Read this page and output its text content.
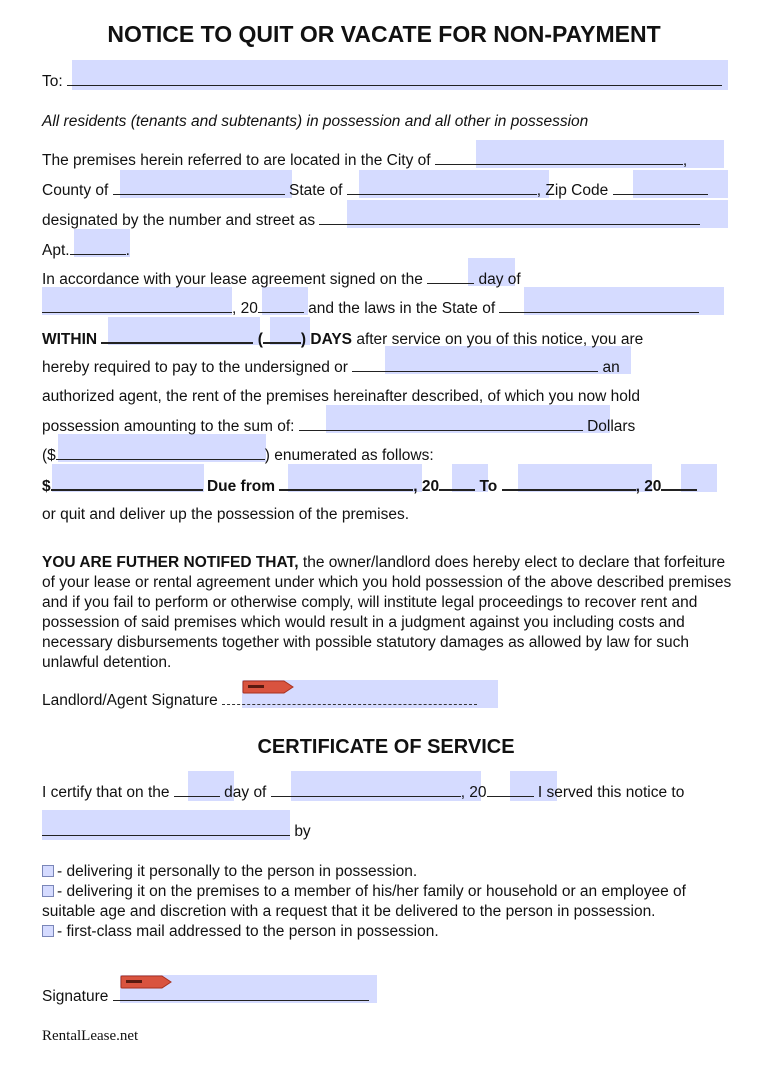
NOTICE TO QUIT OR VACATE FOR NON-PAYMENT
To:
All residents (tenants and subtenants) in possession and all other in possession
The premises herein referred to are located in the City of	,
County of	State of	, Zip Code
designated by the number and street as
Apt.	.
In accordance with your lease agreement signed on the	day of
, 20	and the laws in the State of
WITHIN	( ) DAYS after service on you of this notice, you are
hereby required to pay to the undersigned or	an
authorized agent, the rent of the premises hereinafter described, of which you now hold
possession amounting to the sum of:	Dollars
($	) enumerated as follows:
$	Due from	, 20	To	, 20
or quit and deliver up the possession of the premises.
YOU ARE FUTHER NOTIFED THAT, the owner/landlord does hereby elect to declare that forfeiture of your lease or rental agreement under which you hold possession of the above described premises and if you fail to perform or otherwise comply, will institute legal proceedings to recover rent and possession of said premises which would result in a judgment against you including costs and necessary disbursements together with possible statutory damages as allowed by law for such unlawful detention.
Landlord/Agent Signature
CERTIFICATE OF SERVICE
I certify that on the	day of	, 20	I served this notice to
by
- delivering it personally to the person in possession.
- delivering it on the premises to a member of his/her family or household or an employee of suitable age and discretion with a request that it be delivered to the person in possession.
- first-class mail addressed to the person in possession.
Signature
RentalLease.net
